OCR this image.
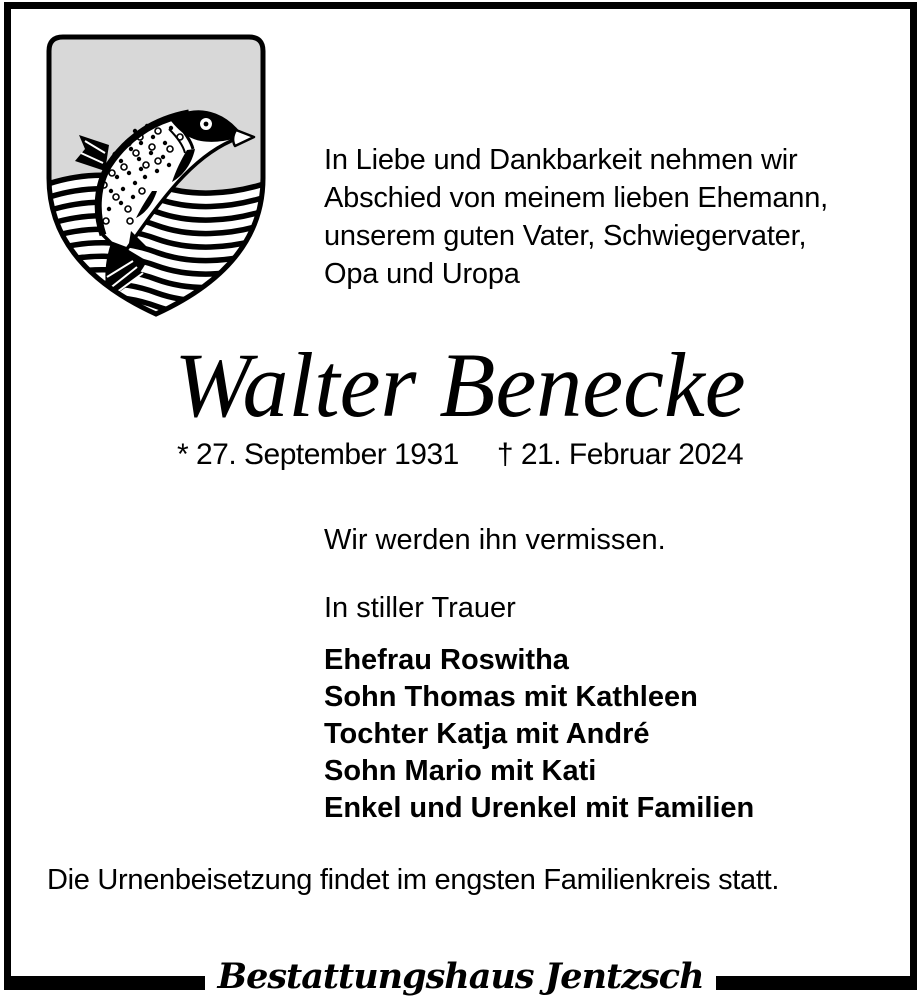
In Liebe und Dankbarkeit nehmen wir
Abschied von meinem lieben Ehemann,
unserem guten Vater, Schwiegervater,
Opa und Uropa
Walter Benecke
* 27. September 1931 † 21. Februar 2024
Wir werden ihn vermissen.
In stiller Trauer
Ehefrau Roswitha
Sohn Thomas mit Kathleen
Tochter Katja mit André
Sohn Mario mit Kati
Enkel und Urenkel mit Familien
Die Urnenbeisetzung findet im engsten Familienkreis statt.
Bestattungshaus Jentzsch
